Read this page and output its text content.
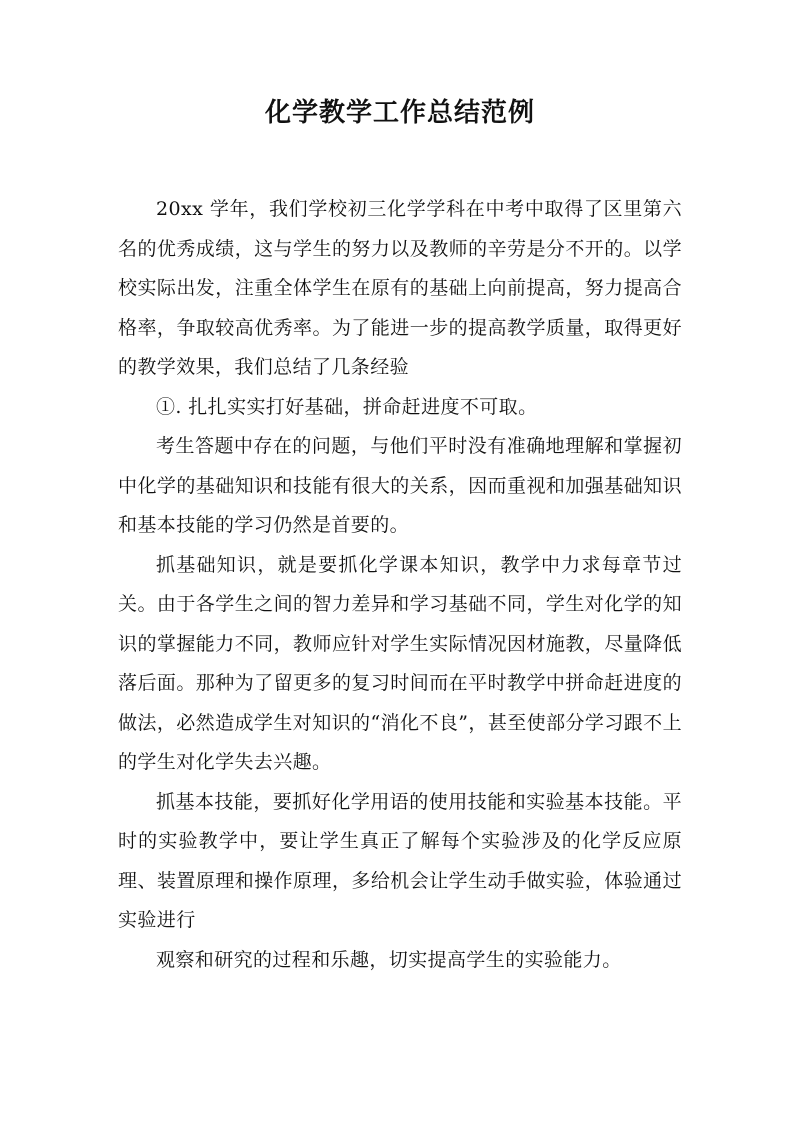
化学教学工作总结范例

20xx 学年，我们学校初三化学学科在中考中取得了区里第六名的优秀成绩，这与学生的努力以及教师的辛劳是分不开的。以学校实际出发，注重全体学生在原有的基础上向前提高，努力提高合格率，争取较高优秀率。为了能进一步的提高教学质量，取得更好的教学效果，我们总结了几条经验

①. 扎扎实实打好基础，拼命赶进度不可取。

考生答题中存在的问题，与他们平时没有准确地理解和掌握初中化学的基础知识和技能有很大的关系，因而重视和加强基础知识和基本技能的学习仍然是首要的。

抓基础知识，就是要抓化学课本知识，教学中力求每章节过关。由于各学生之间的智力差异和学习基础不同，学生对化学的知识的掌握能力不同，教师应针对学生实际情况因材施教，尽量降低落后面。那种为了留更多的复习时间而在平时教学中拼命赶进度的做法，必然造成学生对知识的“消化不良”，甚至使部分学习跟不上的学生对化学失去兴趣。

抓基本技能，要抓好化学用语的使用技能和实验基本技能。平时的实验教学中，要让学生真正了解每个实验涉及的化学反应原理、装置原理和操作原理，多给机会让学生动手做实验，体验通过实验进行

观察和研究的过程和乐趣，切实提高学生的实验能力。
